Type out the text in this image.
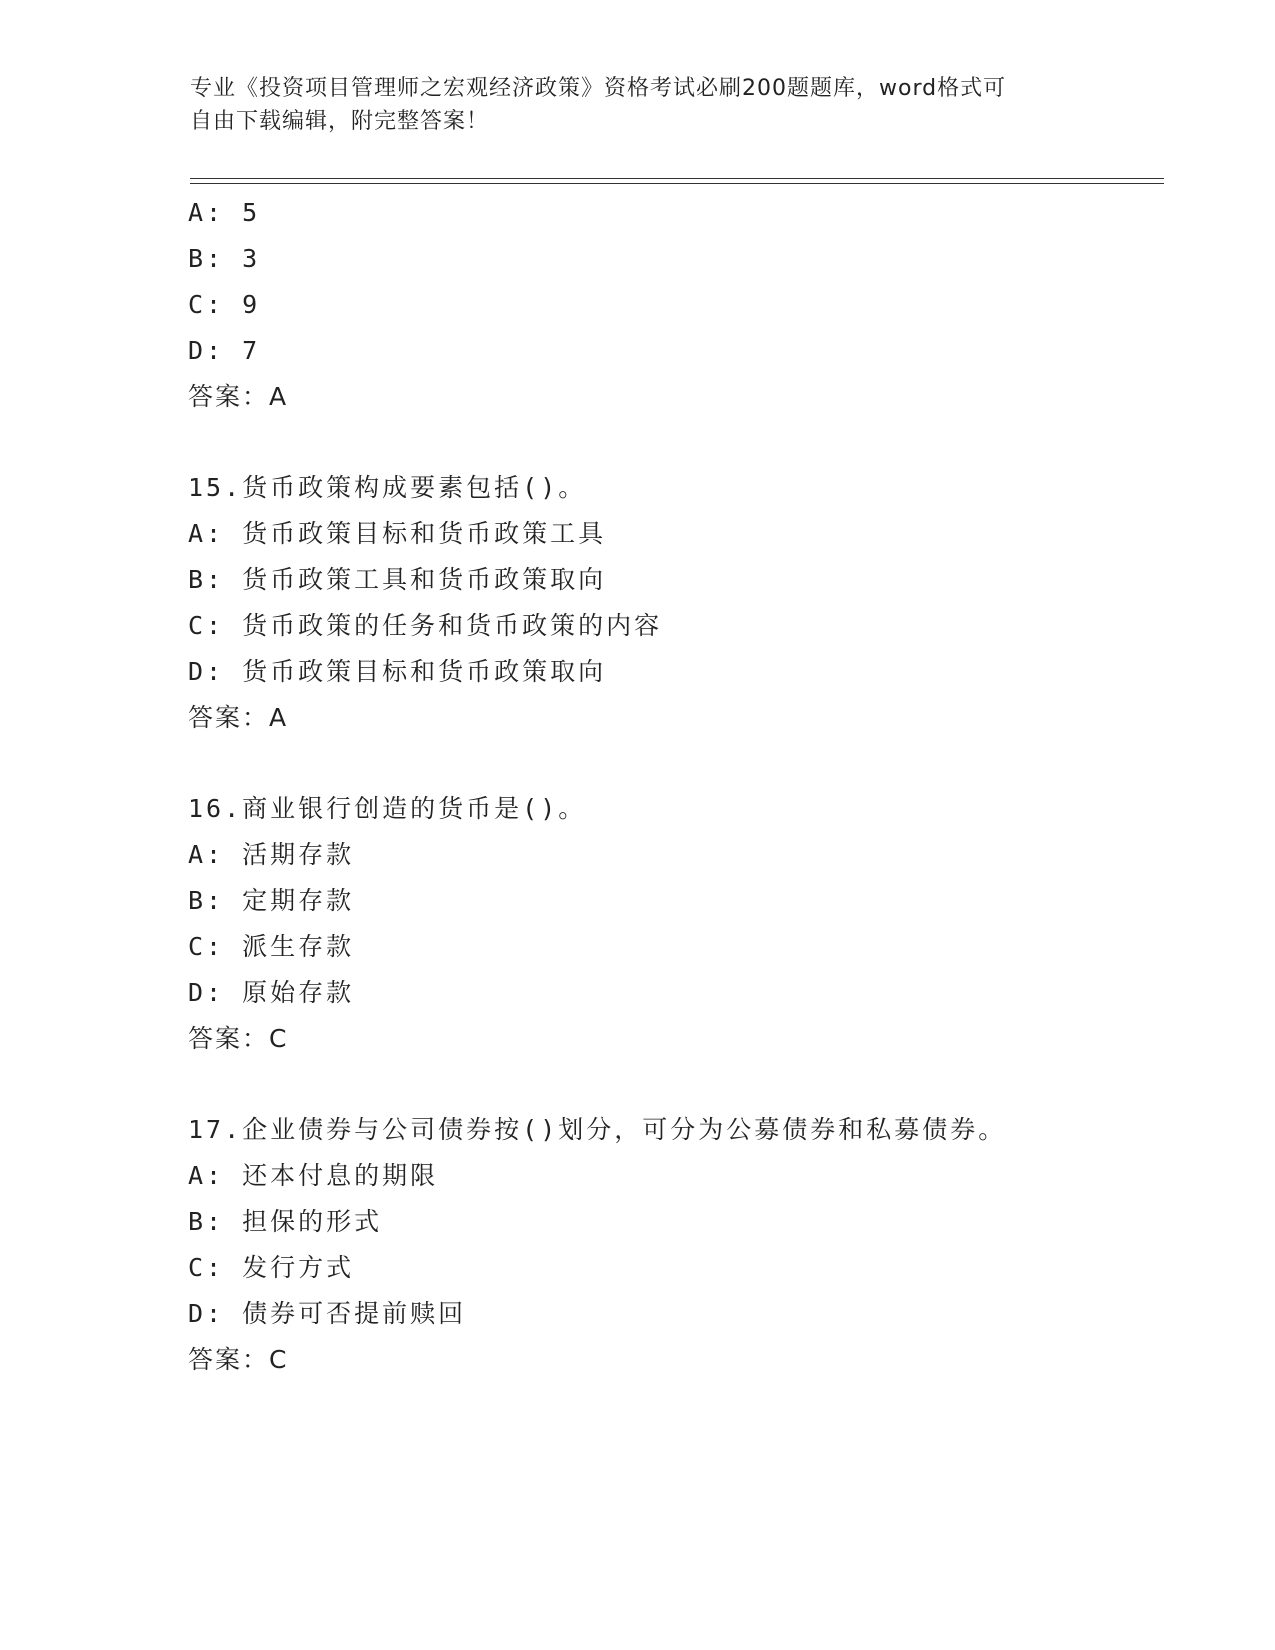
专业《投资项目管理师之宏观经济政策》资格考试必刷200题题库，word格式可
自由下载编辑，附完整答案！
A: 5
B: 3
C: 9
D: 7
答案：A
15.货币政策构成要素包括()。
A: 货币政策目标和货币政策工具
B: 货币政策工具和货币政策取向
C: 货币政策的任务和货币政策的内容
D: 货币政策目标和货币政策取向
答案：A
16.商业银行创造的货币是()。
A: 活期存款
B: 定期存款
C: 派生存款
D: 原始存款
答案：C
17.企业债券与公司债券按()划分，可分为公募债券和私募债券。
A: 还本付息的期限
B: 担保的形式
C: 发行方式
D: 债券可否提前赎回
答案：C
